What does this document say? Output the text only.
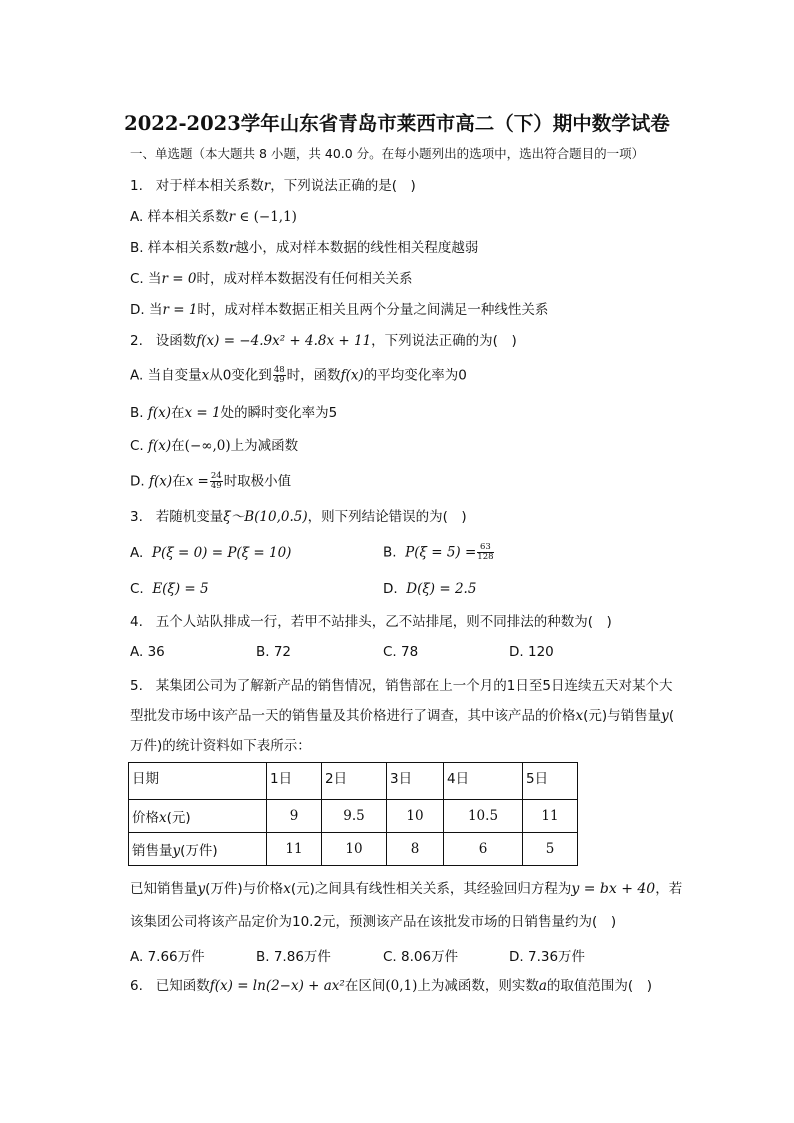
2022-2023学年山东省青岛市莱西市高二（下）期中数学试卷
一、单选题（本大题共 8 小题，共 40.0 分。在每小题列出的选项中，选出符合题目的一项）
1. 对于样本相关系数r，下列说法正确的是(　)
A. 样本相关系数r ∈ (−1,1)
B. 样本相关系数r越小，成对样本数据的线性相关程度越弱
C. 当r = 0时，成对样本数据没有任何相关关系
D. 当r = 1时，成对样本数据正相关且两个分量之间满足一种线性关系
2. 设函数f(x) = −4.9x² + 4.8x + 11，下列说法正确的为(　)
A. 当自变量x从0变化到 $\frac{48}{49}$ 时，函数f(x)的平均变化率为0
B. f(x)在x = 1处的瞬时变化率为5
C. f(x)在(−∞,0)上为减函数
D. f(x)在$x = \frac{24}{49}$ 时取极小值
3. 若随机变量ξ～B(10,0.5)，则下列结论错误的为(　)
A. P(ξ = 0) = P(ξ = 10)	B. $P(\xi = 5) = \frac{63}{128}$
C. E(ξ) = 5	D. D(ξ) = 2.5
4. 五个人站队排成一行，若甲不站排头，乙不站排尾，则不同排法的种数为(　)
A. 36	B. 72	C. 78	D. 120
5. 某集团公司为了解新产品的销售情况，销售部在上一个月的1日至5日连续五天对某个大
型批发市场中该产品一天的销售量及其价格进行了调查，其中该产品的价格x(元)与销售量y(
万件)的统计资料如下表所示：
日期	1日	2日	3日	4日	5日
价格x(元)	9	9.5	10	10.5	11
销售量y(万件)	11	10	8	6	5
已知销售量y(万件)与价格x(元)之间具有线性相关关系，其经验回归方程为y = bx + 40，若
该集团公司将该产品定价为10.2元，预测该产品在该批发市场的日销售量约为(　)
A. 7.66万件	B. 7.86万件	C. 8.06万件	D. 7.36万件
6. 已知函数f(x) = ln(2−x) + ax²在区间(0,1)上为减函数，则实数a的取值范围为(　)
